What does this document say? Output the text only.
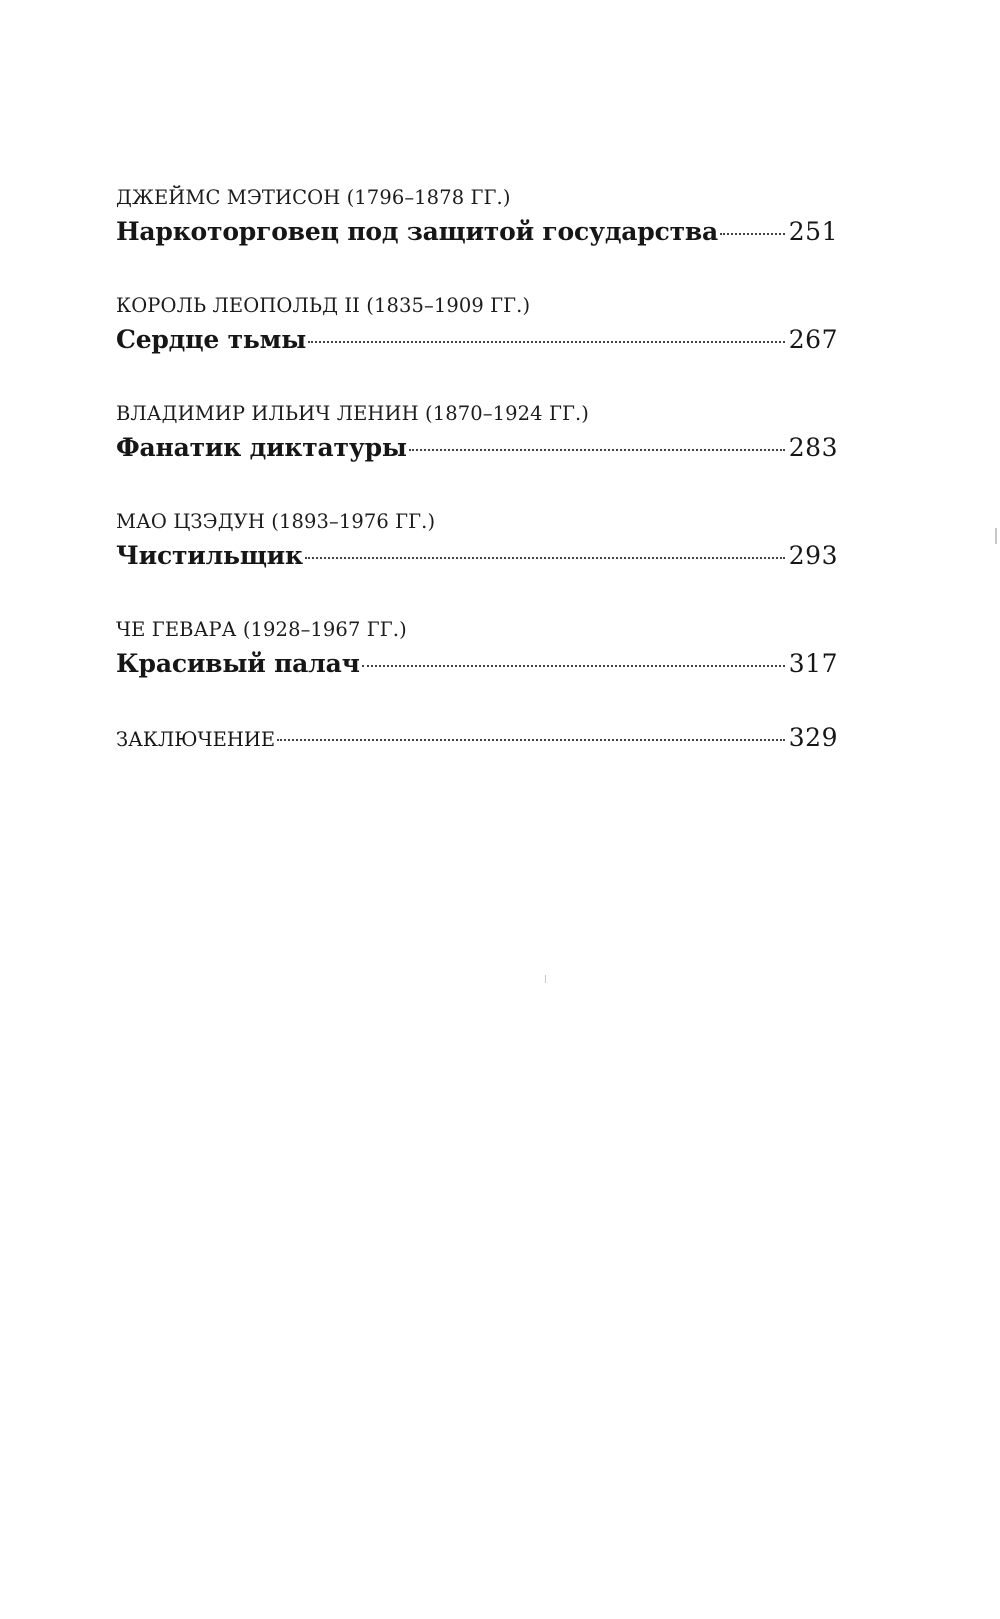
ДЖЕЙМС МЭТИСОН (1796–1878 ГГ.)
Наркоторговец под защитой государства	251
КОРОЛЬ ЛЕОПОЛЬД II (1835–1909 ГГ.)
Сердце тьмы	267
ВЛАДИМИР ИЛЬИЧ ЛЕНИН (1870–1924 ГГ.)
Фанатик диктатуры	283
МАО ЦЗЭДУН (1893–1976 ГГ.)
Чистильщик	293
ЧЕ ГЕВАРА (1928–1967 ГГ.)
Красивый палач	317
ЗАКЛЮЧЕНИЕ	329
